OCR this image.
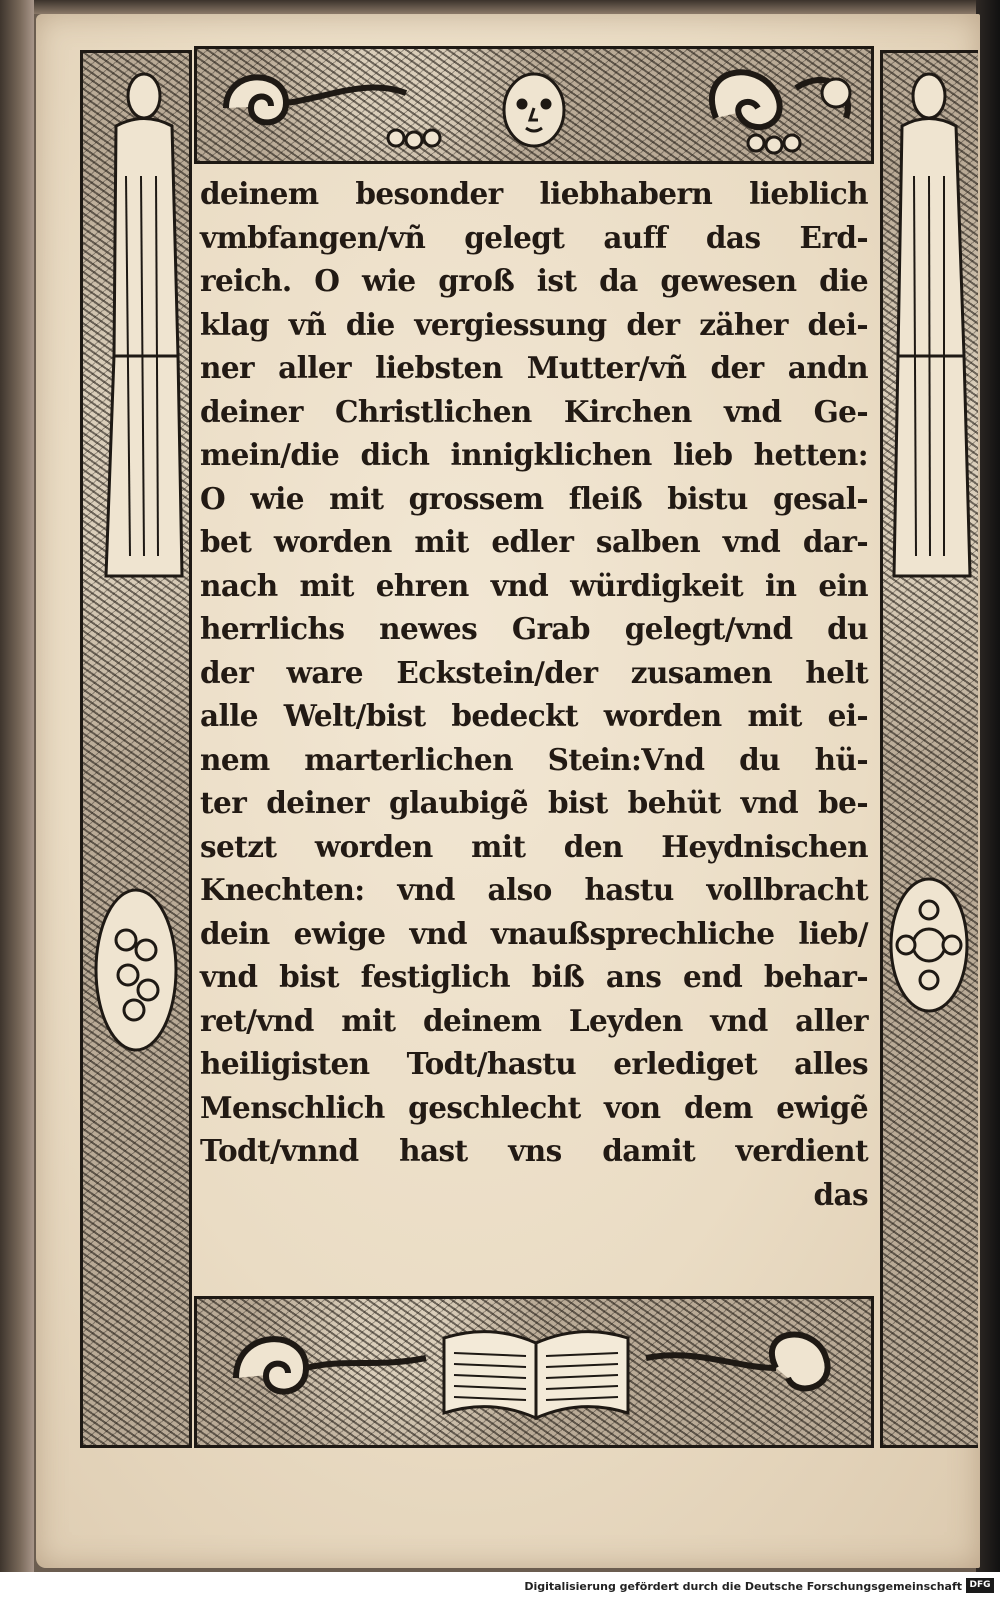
deinem besonder liebhabern lieblich
vmbfangen/vñ gelegt auff das Erd-
reich. O wie groß ist da gewesen die
klag vñ die vergiessung der zäher dei-
ner aller liebsten Mutter/vñ der andn
deiner Christlichen Kirchen vnd Ge-
mein/die dich innigklichen lieb hetten:
O wie mit grossem fleiß bistu gesal-
bet worden mit edler salben vnd dar-
nach mit ehren vnd würdigkeit in ein
herrlichs newes Grab gelegt/vnd du
der ware Eckstein/der zusamen helt
alle Welt/bist bedeckt worden mit ei-
nem marterlichen Stein:Vnd du hü-
ter deiner glaubigẽ bist behüt vnd be-
setzt worden mit den Heydnischen
Knechten: vnd also hastu vollbracht
dein ewige vnd vnaußsprechliche lieb/
vnd bist festiglich biß ans end behar-
ret/vnd mit deinem Leyden vnd aller
heiligisten Todt/hastu erlediget alles
Menschlich geschlecht von dem ewigẽ
Todt/vnnd hast vns damit verdient
das
Digitalisierung gefördert durch die Deutsche Forschungsgemeinschaft DFG
